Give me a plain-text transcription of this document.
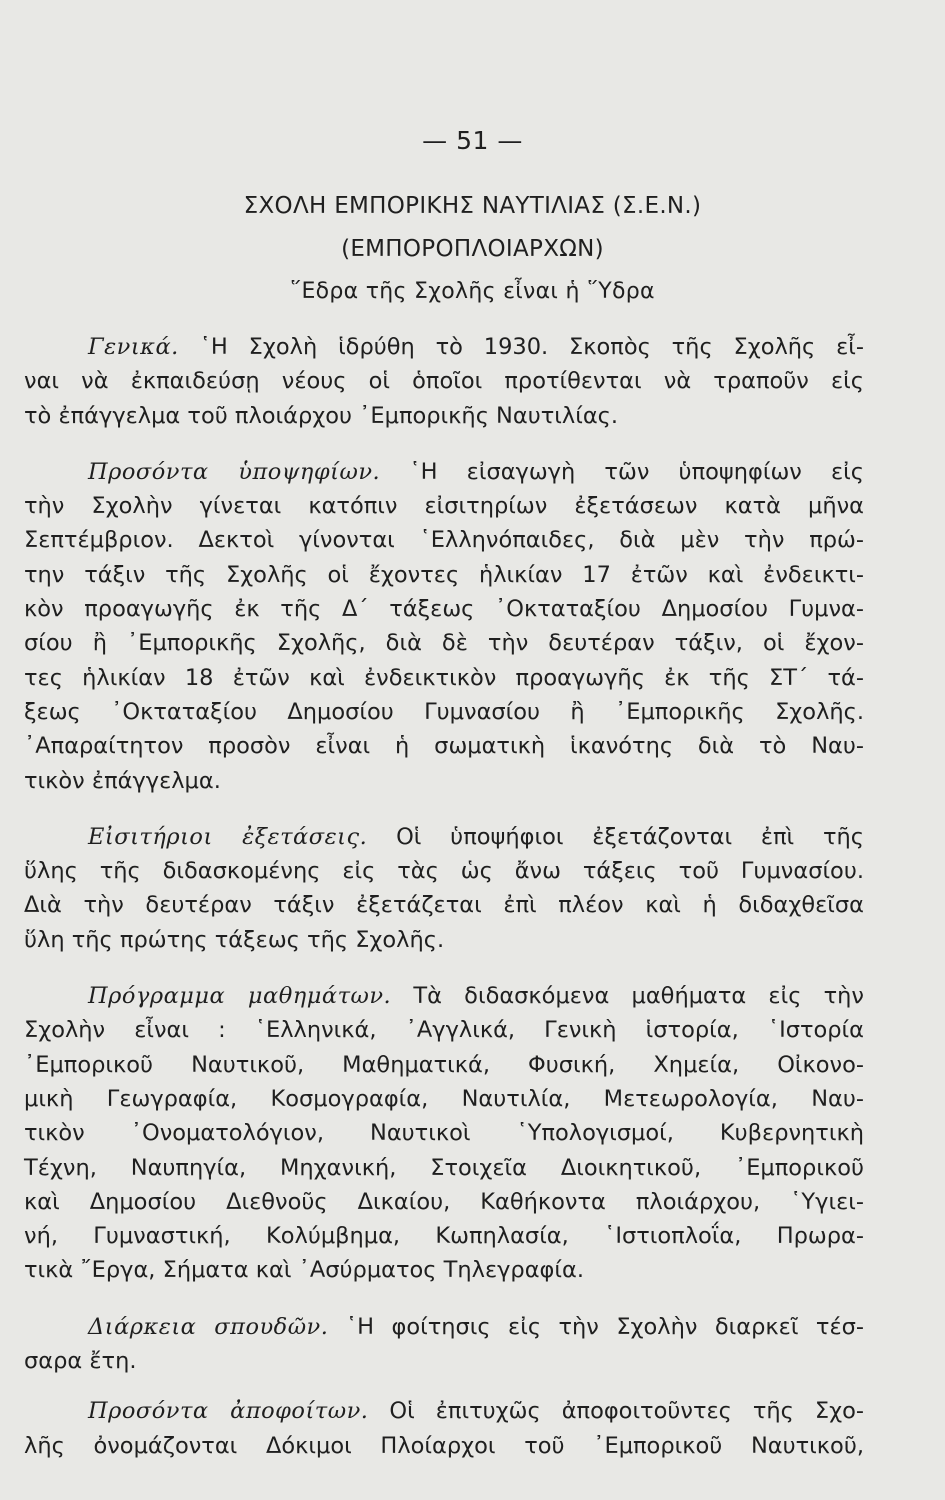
— 51 —
ΣΧΟΛΗ ΕΜΠΟΡΙΚΗΣ ΝΑΥΤΙΛΙΑΣ (Σ.Ε.Ν.)
(ΕΜΠΟΡΟΠΛΟΙΑΡΧΩΝ)
῞Εδρα τῆς Σχολῆς εἶναι ἡ ῞Υδρα
Γενικά. ῾Η Σχολὴ ἱδρύθη τὸ 1930. Σκοπὸς τῆς Σχολῆς εἶ-
ναι νὰ ἐκπαιδεύσῃ νέους οἱ ὁποῖοι προτίθενται νὰ τραποῦν εἰς
τὸ ἐπάγγελμα τοῦ πλοιάρχου ᾿Εμπορικῆς Ναυτιλίας.
Προσόντα ὑποψηφίων. ῾Η εἰσαγωγὴ τῶν ὑποψηφίων εἰς
τὴν Σχολὴν γίνεται κατόπιν εἰσιτηρίων ἐξετάσεων κατὰ μῆνα
Σεπτέμβριον. Δεκτοὶ γίνονται ῾Ελληνόπαιδες, διὰ μὲν τὴν πρώ-
την τάξιν τῆς Σχολῆς οἱ ἔχοντες ἡλικίαν 17 ἐτῶν καὶ ἐνδεικτι-
κὸν προαγωγῆς ἐκ τῆς Δ΄ τάξεως ᾿Οκταταξίου Δημοσίου Γυμνα-
σίου ἢ ᾿Εμπορικῆς Σχολῆς, διὰ δὲ τὴν δευτέραν τάξιν, οἱ ἔχον-
τες ἡλικίαν 18 ἐτῶν καὶ ἐνδεικτικὸν προαγωγῆς ἐκ τῆς ΣΤ΄ τά-
ξεως ᾿Οκταταξίου Δημοσίου Γυμνασίου ἢ ᾿Εμπορικῆς Σχολῆς.
᾿Απαραίτητον προσὸν εἶναι ἡ σωματικὴ ἱκανότης διὰ τὸ Ναυ-
τικὸν ἐπάγγελμα.
Εἰσιτήριοι ἐξετάσεις. Οἱ ὑποψήφιοι ἐξετάζονται ἐπὶ τῆς
ὕλης τῆς διδασκομένης εἰς τὰς ὡς ἄνω τάξεις τοῦ Γυμνασίου.
Διὰ τὴν δευτέραν τάξιν ἐξετάζεται ἐπὶ πλέον καὶ ἡ διδαχθεῖσα
ὕλη τῆς πρώτης τάξεως τῆς Σχολῆς.
Πρόγραμμα μαθημάτων. Τὰ διδασκόμενα μαθήματα εἰς τὴν
Σχολὴν εἶναι : ῾Ελληνικά, ᾿Αγγλικά, Γενικὴ ἱστορία, ῾Ιστορία
᾿Εμπορικοῦ Ναυτικοῦ, Μαθηματικά, Φυσική, Χημεία, Οἰκονο-
μικὴ Γεωγραφία, Κοσμογραφία, Ναυτιλία, Μετεωρολογία, Ναυ-
τικὸν ᾿Ονοματολόγιον, Ναυτικοὶ ῾Υπολογισμοί, Κυβερνητικὴ
Τέχνη, Ναυπηγία, Μηχανική, Στοιχεῖα Διοικητικοῦ, ᾿Εμπορικοῦ
καὶ Δημοσίου Διεθνοῦς Δικαίου, Καθήκοντα πλοιάρχου, ῾Υγιει-
νή, Γυμναστική, Κολύμβημα, Κωπηλασία, ῾Ιστιοπλοΐα, Πρωρα-
τικὰ ῎Εργα, Σήματα καὶ ᾿Ασύρματος Τηλεγραφία.
Διάρκεια σπουδῶν. ῾Η φοίτησις εἰς τὴν Σχολὴν διαρκεῖ τέσ-
σαρα ἔτη.
Προσόντα ἀποφοίτων. Οἱ ἐπιτυχῶς ἀποφοιτοῦντες τῆς Σχο-
λῆς ὀνομάζονται Δόκιμοι Πλοίαρχοι τοῦ ᾿Εμπορικοῦ Ναυτικοῦ,
